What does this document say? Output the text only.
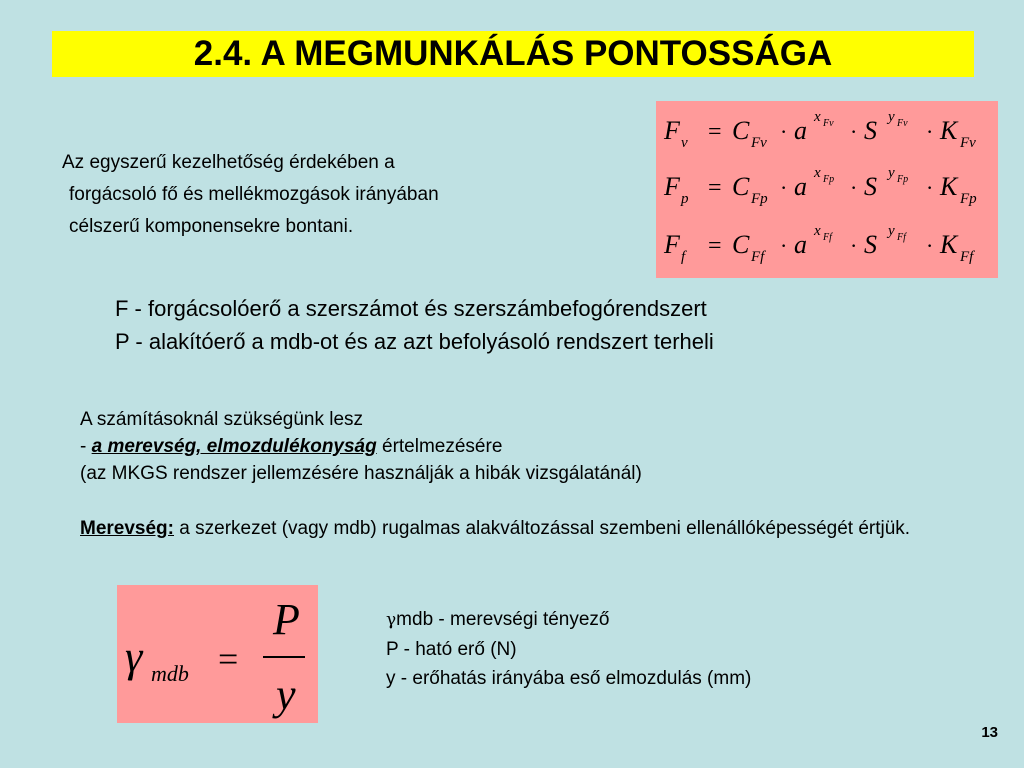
2.4. A MEGMUNKÁLÁS PONTOSSÁGA
F v = C Fv · a x Fv · S y Fv · K Fv
F p = C Fp · a x Fp · S y Fp · K Fp
F f = C Ff · a x Ff · S y Ff · K Ff
Az egyszerű kezelhetőség érdekében a
forgácsoló fő és mellékmozgások irányában
célszerű komponensekre bontani.
F - forgácsolóerő a szerszámot és szerszámbefogórendszert
P - alakítóerő a mdb-ot és az azt befolyásoló rendszert terheli
A számításoknál szükségünk lesz
- a merevség, elmozdulékonyság értelmezésére
(az MKGS rendszer jellemzésére használják a hibák vizsgálatánál)
Merevség: a szerkezet (vagy mdb) rugalmas alakváltozással szembeni ellenállóképességét értjük.
γ mdb =
P
y
γmdb - merevségi tényező
P - ható erő (N)
y - erőhatás irányába eső elmozdulás (mm)
13
